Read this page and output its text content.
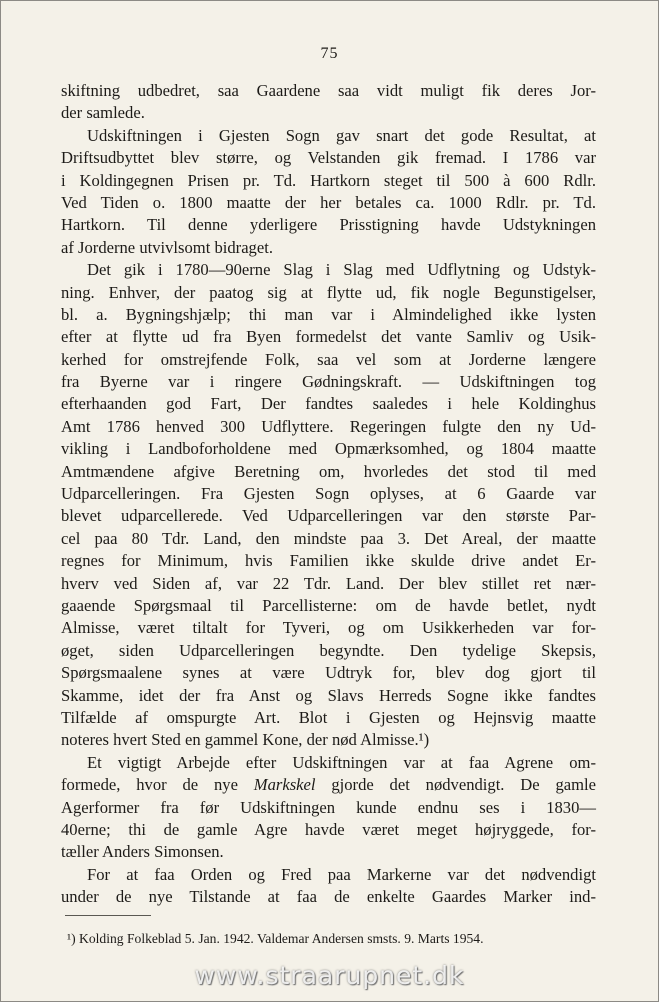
75
skiftning udbedret, saa Gaardene saa vidt muligt fik deres Jor-
der samlede.
Udskiftningen i Gjesten Sogn gav snart det gode Resultat, at
Driftsudbyttet blev større, og Velstanden gik fremad. I 1786 var
i Koldingegnen Prisen pr. Td. Hartkorn steget til 500 à 600 Rdlr.
Ved Tiden o. 1800 maatte der her betales ca. 1000 Rdlr. pr. Td.
Hartkorn. Til denne yderligere Prisstigning havde Udstykningen
af Jorderne utvivlsomt bidraget.
Det gik i 1780—90erne Slag i Slag med Udflytning og Udstyk-
ning. Enhver, der paatog sig at flytte ud, fik nogle Begunstigelser,
bl. a. Bygningshjælp; thi man var i Almindelighed ikke lysten
efter at flytte ud fra Byen formedelst det vante Samliv og Usik-
kerhed for omstrejfende Folk, saa vel som at Jorderne længere
fra Byerne var i ringere Gødningskraft. — Udskiftningen tog
efterhaanden god Fart, Der fandtes saaledes i hele Koldinghus
Amt 1786 henved 300 Udflyttere. Regeringen fulgte den ny Ud-
vikling i Landboforholdene med Opmærksomhed, og 1804 maatte
Amtmændene afgive Beretning om, hvorledes det stod til med
Udparcelleringen. Fra Gjesten Sogn oplyses, at 6 Gaarde var
blevet udparcellerede. Ved Udparcelleringen var den største Par-
cel paa 80 Tdr. Land, den mindste paa 3. Det Areal, der maatte
regnes for Minimum, hvis Familien ikke skulde drive andet Er-
hverv ved Siden af, var 22 Tdr. Land. Der blev stillet ret nær-
gaaende Spørgsmaal til Parcellisterne: om de havde betlet, nydt
Almisse, været tiltalt for Tyveri, og om Usikkerheden var for-
øget, siden Udparcelleringen begyndte. Den tydelige Skepsis,
Spørgsmaalene synes at være Udtryk for, blev dog gjort til
Skamme, idet der fra Anst og Slavs Herreds Sogne ikke fandtes
Tilfælde af omspurgte Art. Blot i Gjesten og Hejnsvig maatte
noteres hvert Sted en gammel Kone, der nød Almisse.¹)
Et vigtigt Arbejde efter Udskiftningen var at faa Agrene om-
formede, hvor de nye Markskel gjorde det nødvendigt. De gamle
Agerformer fra før Udskiftningen kunde endnu ses i 1830—
40erne; thi de gamle Agre havde været meget højryggede, for-
tæller Anders Simonsen.
For at faa Orden og Fred paa Markerne var det nødvendigt
under de nye Tilstande at faa de enkelte Gaardes Marker ind-
¹) Kolding Folkeblad 5. Jan. 1942. Valdemar Andersen smsts. 9. Marts 1954.
www.straarupnet.dk
